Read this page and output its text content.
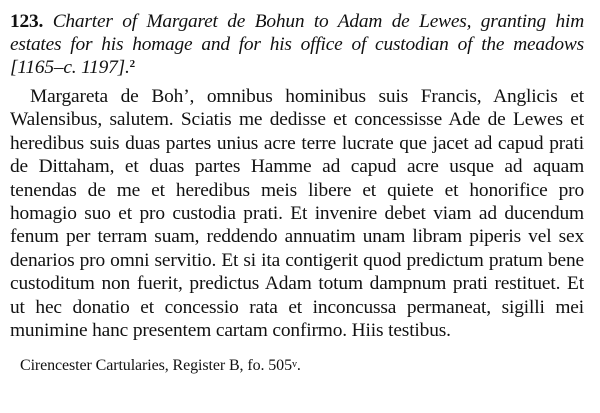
123. Charter of Margaret de Bohun to Adam de Lewes, granting him estates for his homage and for his office of custodian of the meadows [1165–c. 1197].$^2$

Margareta de Boh’, omnibus hominibus suis Francis, Anglicis et Walensibus, salutem. Sciatis me dedisse et concessisse Ade de Lewes et heredibus suis duas partes unius acre terre lucrate que jacet ad capud prati de Dittaham, et duas partes Hamme ad capud acre usque ad aquam tenendas de me et heredibus meis libere et quiete et honorifice pro homagio suo et pro custodia prati. Et invenire debet viam ad ducendum fenum per terram suam, reddendo annuatim unam libram piperis vel sex denarios pro omni servitio. Et si ita contigerit quod predictum pratum bene custoditum non fuerit, predictus Adam totum dampnum prati restituet. Et ut hec donatio et concessio rata et inconcussa permaneat, sigilli mei munimine hanc presentem cartam confirmo. Hiis testibus.

Cirencester Cartularies, Register B, fo. 505$^v$.
